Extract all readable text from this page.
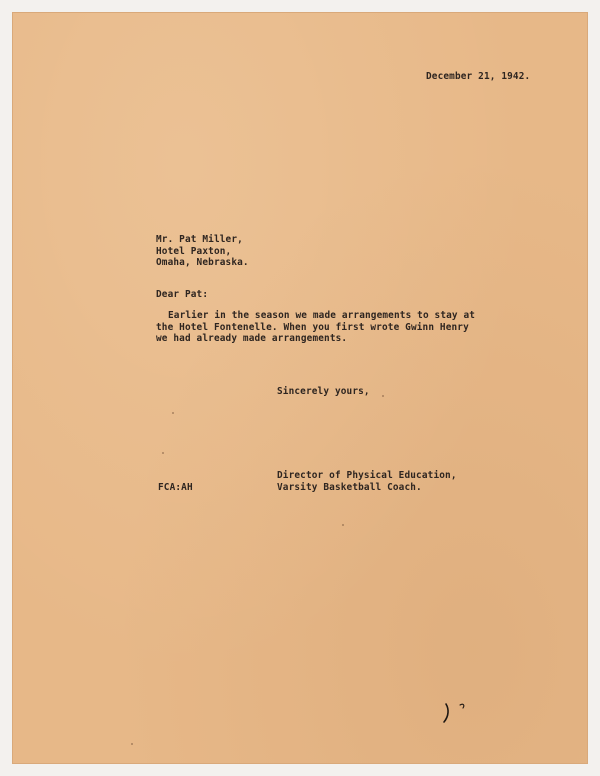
December 21, 1942.

Mr. Pat Miller,
Hotel Paxton,
Omaha, Nebraska.

Dear Pat:

Earlier in the season we made arrangements to stay at
the Hotel Fontenelle. When you first wrote Gwinn Henry
we had already made arrangements.

Sincerely yours,

Director of Physical Education,
Varsity Basketball Coach.

FCA:AH
